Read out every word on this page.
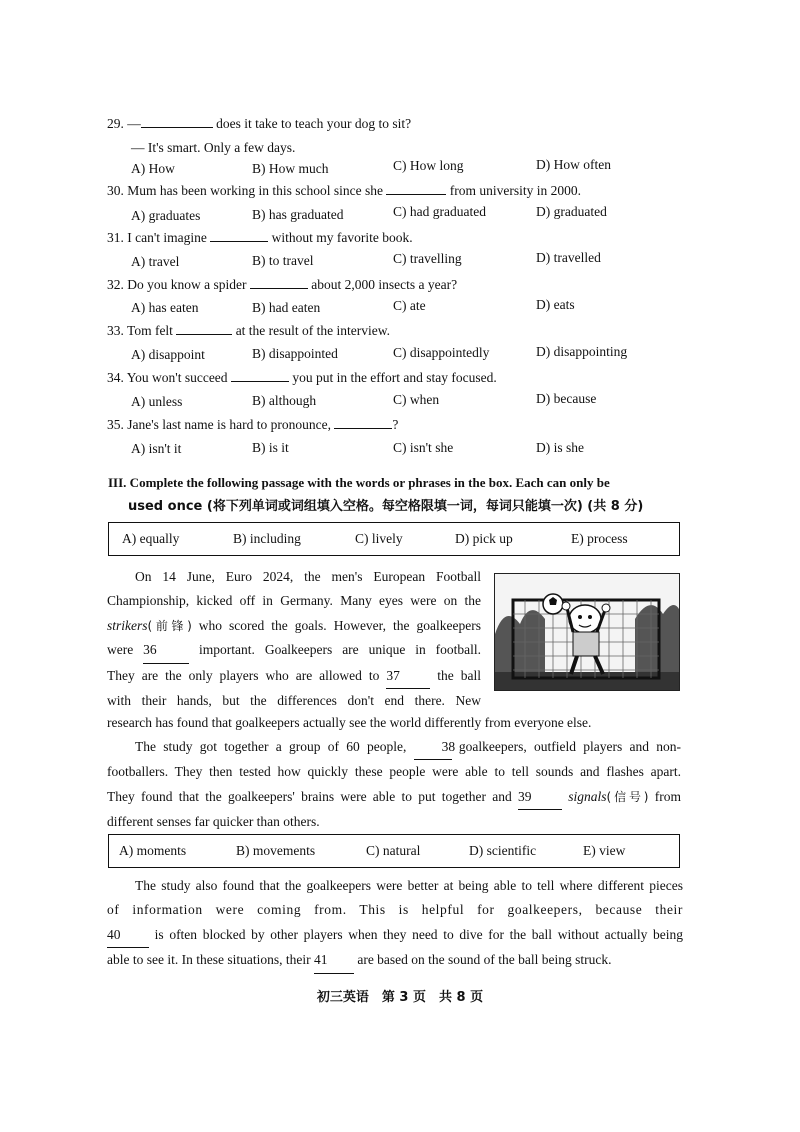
29. —	does it take to teach your dog to sit?
— It's smart. Only a few days.
A) How	B) How much	C) How long	D) How often
30. Mum has been working in this school since she	from university in 2000.
A) graduates	B) has graduated	C) had graduated	D) graduated
31. I can't imagine	without my favorite book.
A) travel	B) to travel	C) travelling	D) travelled
32. Do you know a spider	about 2,000 insects a year?
A) has eaten	B) had eaten	C) ate	D) eats
33. Tom felt	at the result of the interview.
A) disappoint	B) disappointed	C) disappointedly	D) disappointing
34. You won't succeed	you put in the effort and stay focused.
A) unless	B) although	C) when	D) because
35. Jane's last name is hard to pronounce,	?
A) isn't it	B) is it	C) isn't she	D) is she
III. Complete the following passage with the words or phrases in the box. Each can only be
used once (将下列单词或词组填入空格。每空格限填一词，每词只能填一次) (共 8 分)
A) equally	B) including	C) lively	D) pick up	E) process
On 14 June, Euro 2024, the men's European Football
Championship, kicked off in Germany. Many eyes were on the
strikers(前锋) who scored the goals. However, the goalkeepers
were 36	important. Goalkeepers are unique in football.
They are the only players who are allowed to 37	the ball
with their hands, but the differences don't end there. New
research has found that goalkeepers actually see the world differently from everyone else.
The study got together a group of 60 people,	38 goalkeepers, outfield players and non-
footballers. They then tested how quickly these people were able to tell sounds and flashes apart.
They found that the goalkeepers' brains were able to put together and 39	signals(信号) from
different senses far quicker than others.
A) moments	B) movements	C) natural	D) scientific	E) view
The study also found that the goalkeepers were better at being able to tell where different pieces
of information were coming from. This is helpful for goalkeepers, because their
40	is often blocked by other players when they need to dive for the ball without actually being
able to see it. In these situations, their 41 are based on the sound of the ball being struck.
初三英语　第 3 页　共 8 页
